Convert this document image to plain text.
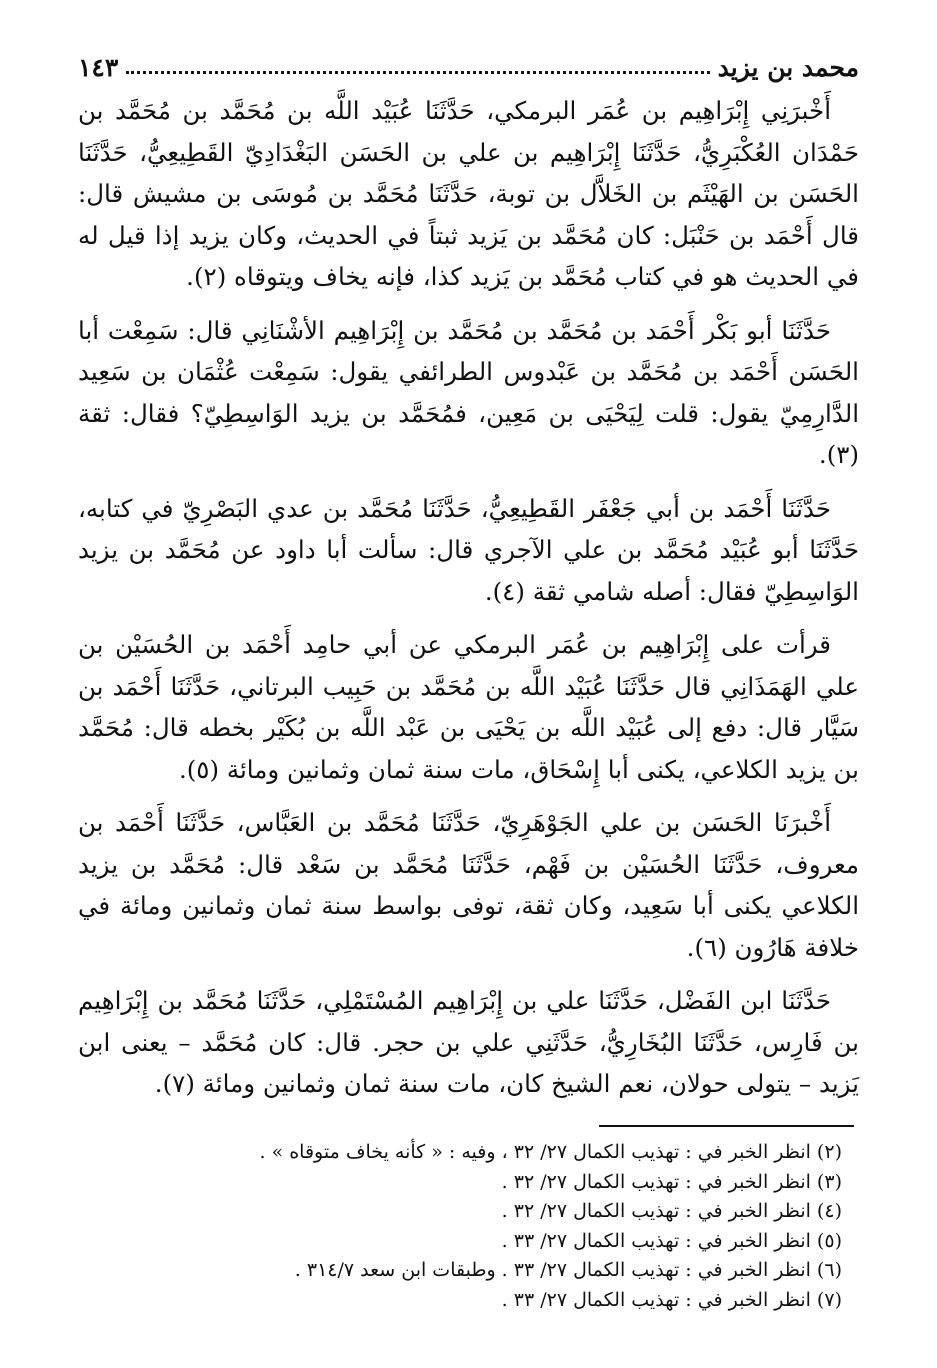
محمد بن يزيد
١٤٣

أَخْبرَنِي إِبْرَاهِيم بن عُمَر البرمكي، حَدَّثَنَا عُبَيْد اللَّه بن مُحَمَّد بن مُحَمَّد بن حَمْدَان العُكْبَرِيُّ، حَدَّثَنَا إِبْرَاهِيم بن علي بن الحَسَن البَغْدَادِيّ القَطِيعِيُّ، حَدَّثَنَا الحَسَن بن الهَيْثَم بن الخَلاَّل بن توبة، حَدَّثَنَا مُحَمَّد بن مُوسَى بن مشيش قال: قال أَحْمَد بن حَنْبَل: كان مُحَمَّد بن يَزيد ثبتاً في الحديث، وكان يزيد إذا قيل له في الحديث هو في كتاب مُحَمَّد بن يَزيد كذا، فإنه يخاف ويتوقاه (٢).

حَدَّثَنَا أبو بَكْر أَحْمَد بن مُحَمَّد بن مُحَمَّد بن إِبْرَاهِيم الأشْنَانِي قال: سَمِعْت أبا الحَسَن أَحْمَد بن مُحَمَّد بن عَبْدوس الطرائفي يقول: سَمِعْت عُثْمَان بن سَعِيد الدَّارِمِيّ يقول: قلت لِيَحْيَى بن مَعِين، فمُحَمَّد بن يزيد الوَاسِطِيّ؟ فقال: ثقة (٣).

حَدَّثَنَا أَحْمَد بن أبي جَعْفَر القَطِيعِيُّ، حَدَّثَنَا مُحَمَّد بن عدي البَصْرِيّ في كتابه، حَدَّثَنَا أبو عُبَيْد مُحَمَّد بن علي الآجري قال: سألت أبا داود عن مُحَمَّد بن يزيد الوَاسِطِيّ فقال: أصله شامي ثقة (٤).

قرأت على إِبْرَاهِيم بن عُمَر البرمكي عن أبي حامِد أَحْمَد بن الحُسَيْن بن علي الهَمَذَانِي قال حَدَّثَنَا عُبَيْد اللَّه بن مُحَمَّد بن حَبِيب البرتاني، حَدَّثَنَا أَحْمَد بن سَيَّار قال: دفع إلى عُبَيْد اللَّه بن يَحْيَى بن عَبْد اللَّه بن بُكَيْر بخطه قال: مُحَمَّد بن يزيد الكلاعي، يكنى أبا إِسْحَاق، مات سنة ثمان وثمانين ومائة (٥).

أَخْبرَنَا الحَسَن بن علي الجَوْهَرِيّ، حَدَّثَنَا مُحَمَّد بن العَبَّاس، حَدَّثَنَا أَحْمَد بن معروف، حَدَّثَنَا الحُسَيْن بن فَهْم، حَدَّثَنَا مُحَمَّد بن سَعْد قال: مُحَمَّد بن يزيد الكلاعي يكنى أبا سَعِيد، وكان ثقة، توفى بواسط سنة ثمان وثمانين ومائة في خلافة هَارُون (٦).

حَدَّثَنَا ابن الفَضْل، حَدَّثَنَا علي بن إِبْرَاهِيم المُسْتَمْلِي، حَدَّثَنَا مُحَمَّد بن إِبْرَاهِيم بن فَارِس، حَدَّثَنَا البُخَارِيُّ، حَدَّثَنِي علي بن حجر. قال: كان مُحَمَّد – يعنى ابن يَزيد – يتولى حولان، نعم الشيخ كان، مات سنة ثمان وثمانين ومائة (٧).

(٢) انظر الخبر في : تهذيب الكمال ٢٧/ ٣٢ ، وفيه : « كأنه يخاف متوقاه » .
(٣) انظر الخبر في : تهذيب الكمال ٢٧/ ٣٢ .
(٤) انظر الخبر في : تهذيب الكمال ٢٧/ ٣٢ .
(٥) انظر الخبر في : تهذيب الكمال ٢٧/ ٣٣ .
(٦) انظر الخبر في : تهذيب الكمال ٢٧/ ٣٣ . وطبقات ابن سعد ٣١٤/٧ .
(٧) انظر الخبر في : تهذيب الكمال ٢٧/ ٣٣ .
